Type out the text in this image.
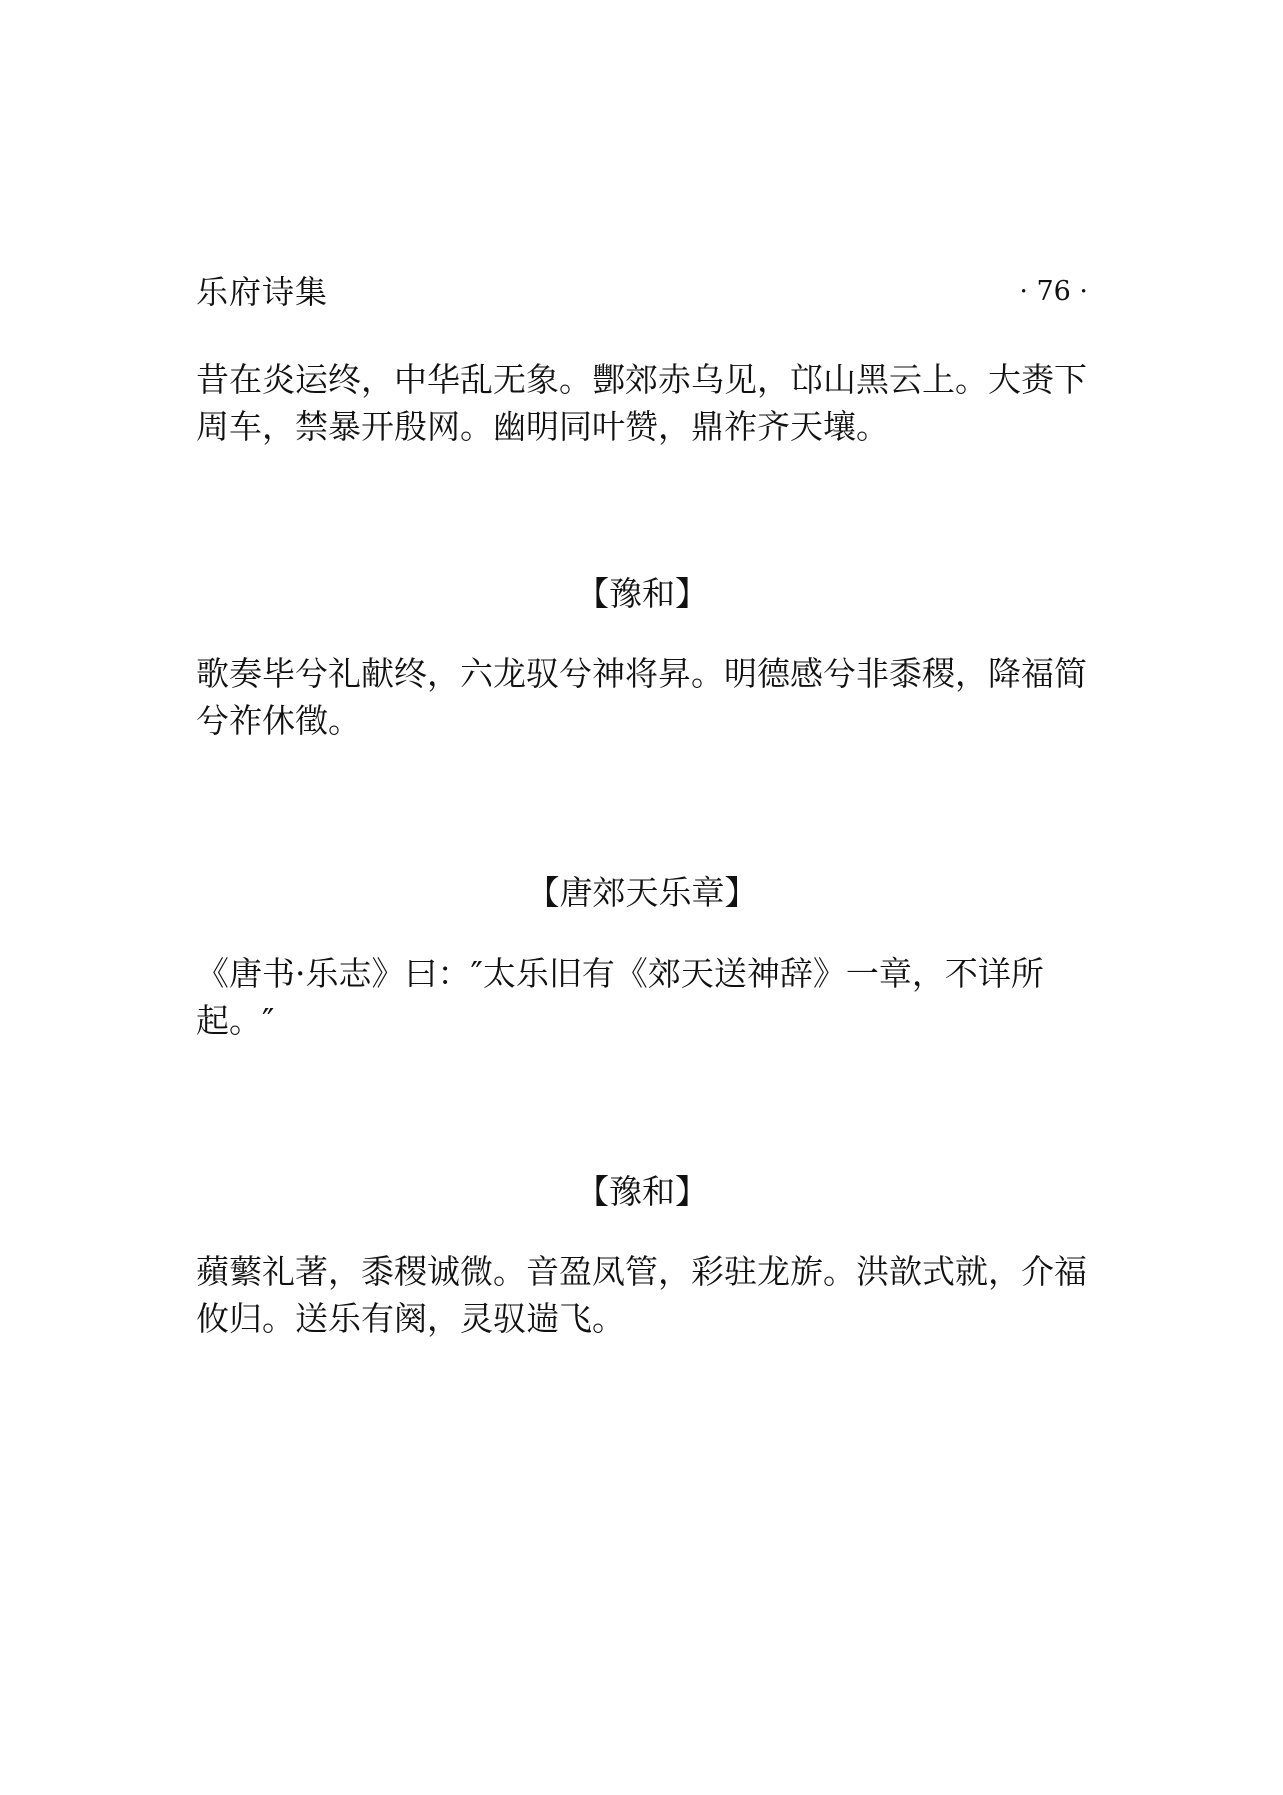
乐府诗集	· 76 ·

昔在炎运终，中华乱无象。酆郊赤乌见，邙山黑云上。大赉下周车，禁暴开殷网。幽明同叶赞，鼎祚齐天壤。

【豫和】

歌奏毕兮礼献终，六龙驭兮神将昇。明德感兮非黍稷，降福简兮祚休徵。

【唐郊天乐章】

《唐书·乐志》曰：″太乐旧有《郊天送神辞》一章，不详所起。″

【豫和】

蘋蘩礼著，黍稷诚微。音盈凤管，彩驻龙旂。洪歆式就，介福攸归。送乐有阕，灵驭遄飞。
